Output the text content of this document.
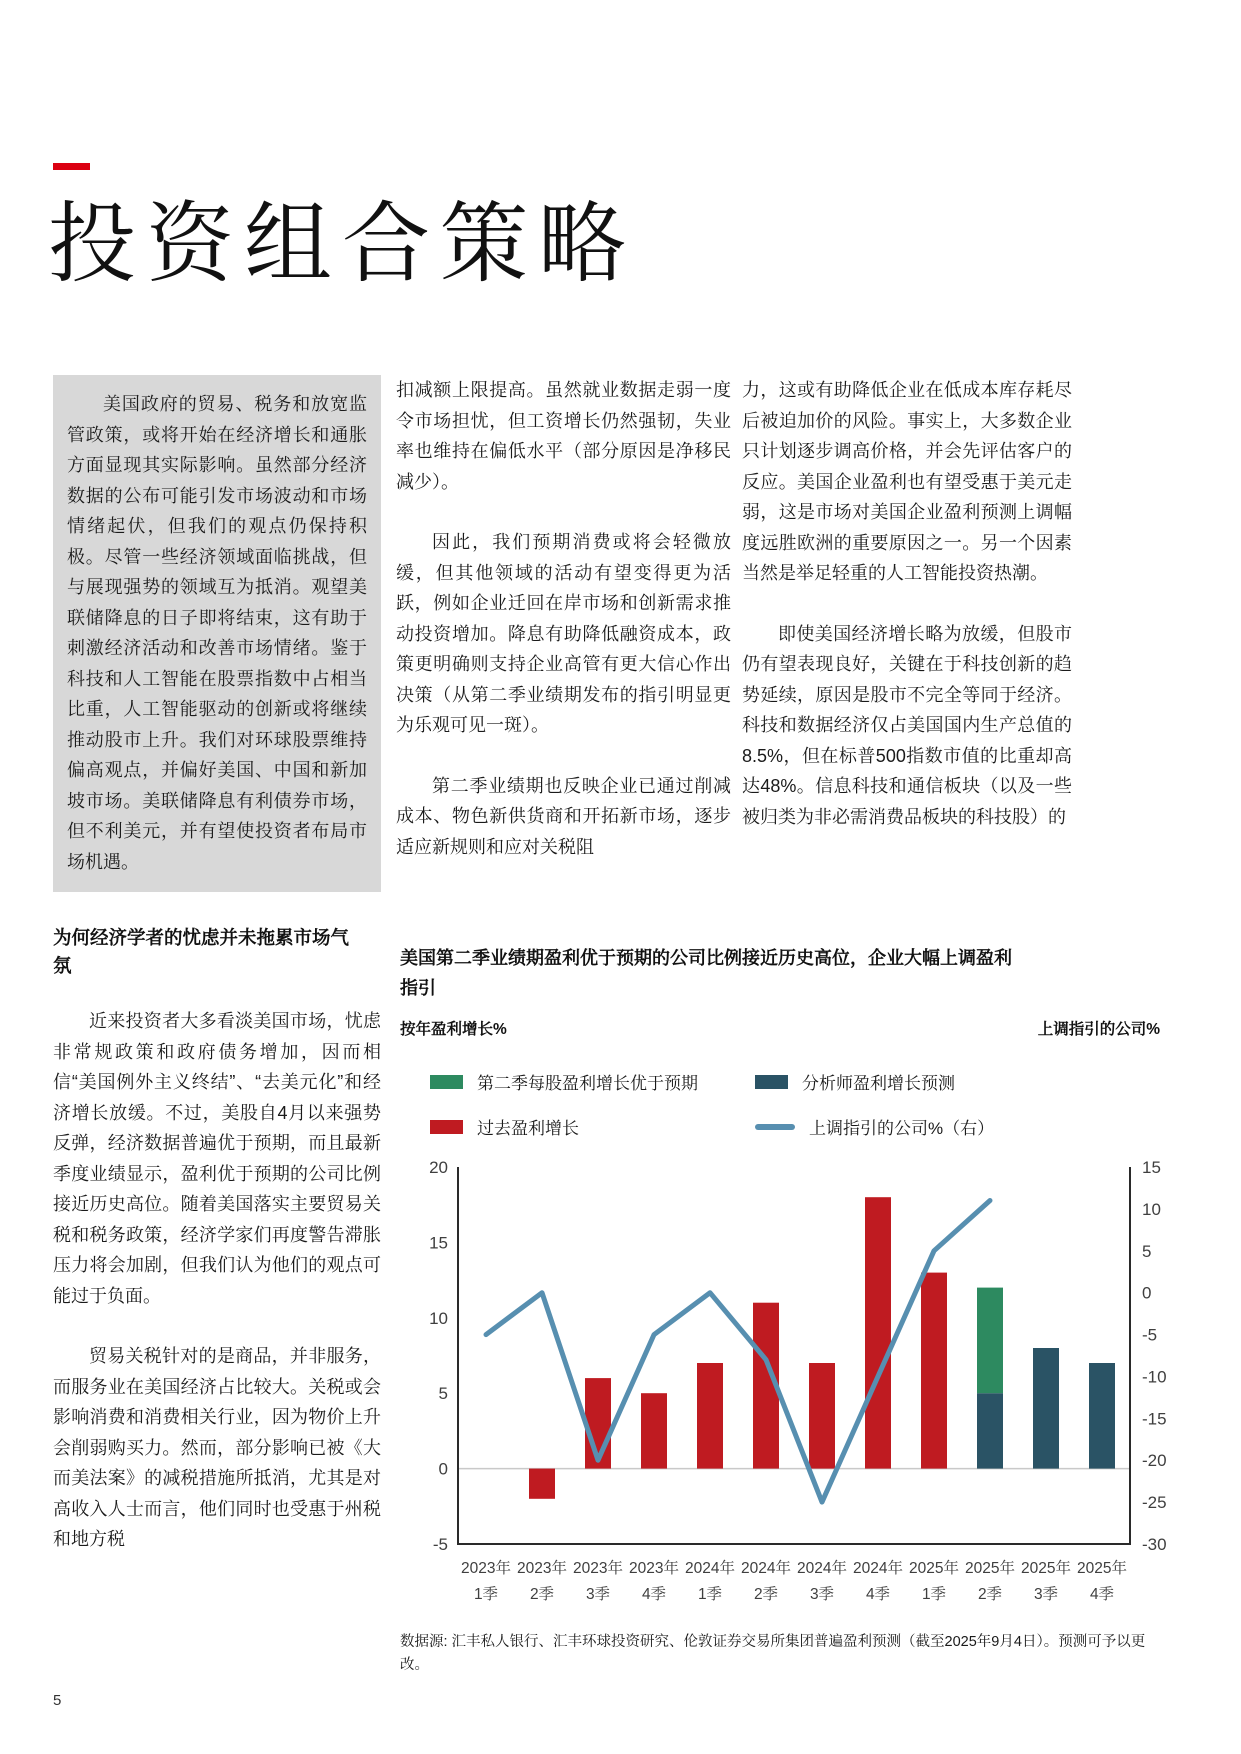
投资组合策略

美国政府的贸易、税务和放宽监管政策，或将开始在经济增长和通胀方面显现其实际影响。虽然部分经济数据的公布可能引发市场波动和市场情绪起伏，但我们的观点仍保持积极。尽管一些经济领域面临挑战，但与展现强势的领域互为抵消。观望美联储降息的日子即将结束，这有助于刺激经济活动和改善市场情绪。鉴于科技和人工智能在股票指数中占相当比重，人工智能驱动的创新或将继续推动股市上升。我们对环球股票维持偏高观点，并偏好美国、中国和新加坡市场。美联储降息有利债券市场，但不利美元，并有望使投资者布局市场机遇。

为何经济学者的忧虑并未拖累市场气氛

近来投资者大多看淡美国市场，忧虑非常规政策和政府债务增加，因而相信“美国例外主义终结”、“去美元化”和经济增长放缓。不过，美股自4月以来强势反弹，经济数据普遍优于预期，而且最新季度业绩显示，盈利优于预期的公司比例接近历史高位。随着美国落实主要贸易关税和税务政策，经济学家们再度警告滞胀压力将会加剧，但我们认为他们的观点可能过于负面。

贸易关税针对的是商品，并非服务，而服务业在美国经济占比较大。关税或会影响消费和消费相关行业，因为物价上升会削弱购买力。然而，部分影响已被《大而美法案》的减税措施所抵消，尤其是对高收入人士而言，他们同时也受惠于州税和地方税

扣减额上限提高。虽然就业数据走弱一度令市场担忧，但工资增长仍然强韧，失业率也维持在偏低水平（部分原因是净移民减少）。

因此，我们预期消费或将会轻微放缓，但其他领域的活动有望变得更为活跃，例如企业迁回在岸市场和创新需求推动投资增加。降息有助降低融资成本，政策更明确则支持企业高管有更大信心作出决策（从第二季业绩期发布的指引明显更为乐观可见一斑）。

第二季业绩期也反映企业已通过削减成本、物色新供货商和开拓新市场，逐步适应新规则和应对关税阻

力，这或有助降低企业在低成本库存耗尽后被迫加价的风险。事实上，大多数企业只计划逐步调高价格，并会先评估客户的反应。美国企业盈利也有望受惠于美元走弱，这是市场对美国企业盈利预测上调幅度远胜欧洲的重要原因之一。另一个因素当然是举足轻重的人工智能投资热潮。

即使美国经济增长略为放缓，但股市仍有望表现良好，关键在于科技创新的趋势延续，原因是股市不完全等同于经济。科技和数据经济仅占美国国内生产总值的8.5%，但在标普500指数市值的比重却高达48%。信息科技和通信板块（以及一些被归类为非必需消费品板块的科技股）的

美国第二季业绩期盈利优于预期的公司比例接近历史高位，企业大幅上调盈利指引
按年盈利增长%	上调指引的公司%
第二季每股盈利增长优于预期	分析师盈利增长预测
过去盈利增长	上调指引的公司%（右）
20
15
10
5
0
-5
15
10
5
0
-5
-10
-15
-20
-25
-30
2023年 1季
2023年 2季
2023年 3季
2023年 4季
2024年 1季
2024年 2季
2024年 3季
2024年 4季
2025年 1季
2025年 2季
2025年 3季
2025年 4季

数据源: 汇丰私人银行、汇丰环球投资研究、伦敦证券交易所集团普遍盈利预测（截至2025年9月4日）。预测可予以更改。

5
